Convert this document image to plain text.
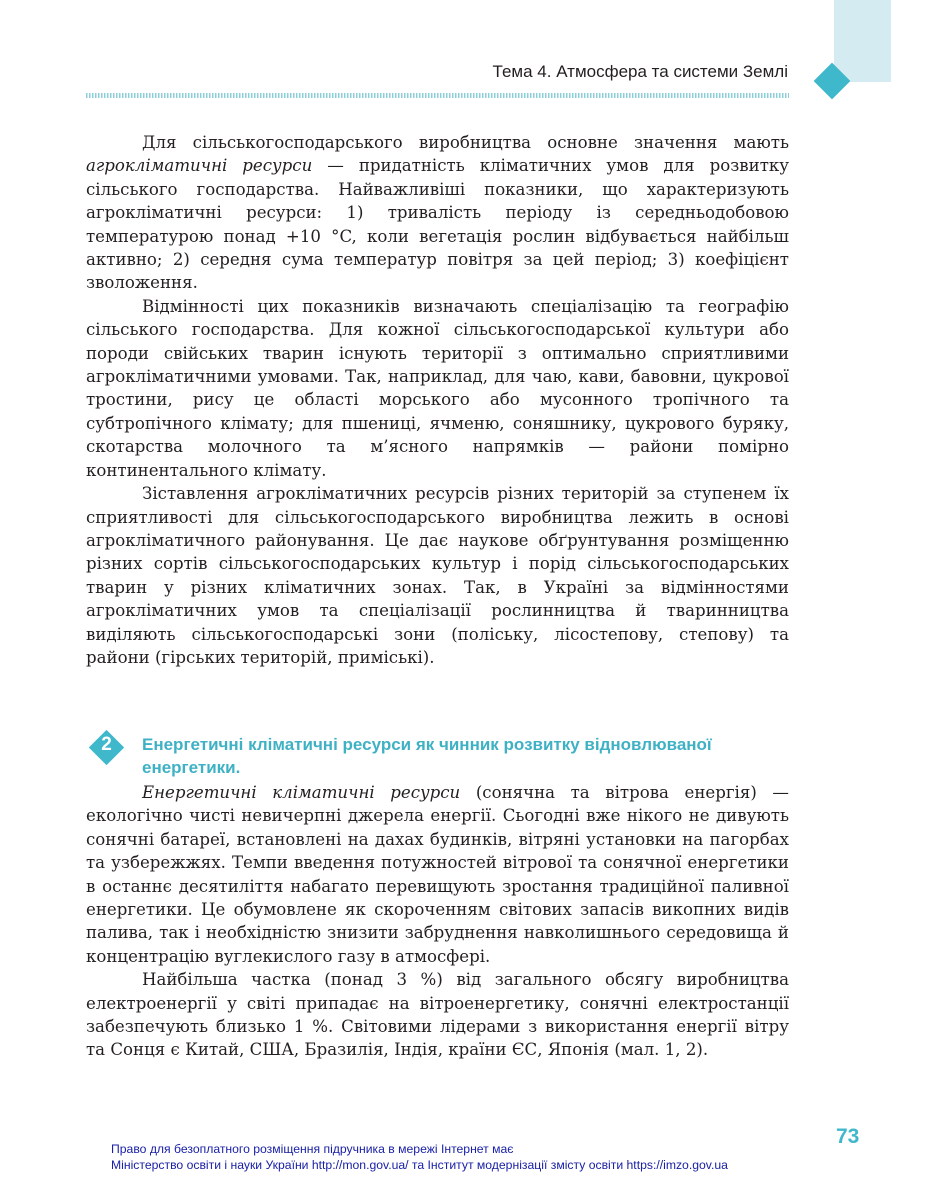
Тема 4. Атмосфера та системи Землі

Для сільськогосподарського виробництва основне значення мають агрокліматичні ресурси — придатність кліматичних умов для розвитку сільського господарства. Найважливіші показники, що характеризують агрокліматичні ресурси: 1) тривалість періоду із середньодобовою температурою понад +10 °C, коли вегетація рослин відбувається найбільш активно; 2) середня сума температур повітря за цей період; 3) коефіцієнт зволоження.

Відмінності цих показників визначають спеціалізацію та географію сільського господарства. Для кожної сільськогосподарської культури або породи свійських тварин існують території з оптимально сприятливими агрокліматичними умовами. Так, наприклад, для чаю, кави, бавовни, цукрової тростини, рису це області морського або мусонного тропічного та субтропічного клімату; для пшениці, ячменю, соняшнику, цукрового буряку, скотарства молочного та м’ясного напрямків — райони помірно континентального клімату.

Зіставлення агрокліматичних ресурсів різних територій за ступенем їх сприятливості для сільськогосподарського виробництва лежить в основі агрокліматичного районування. Це дає наукове обґрунтування розміщенню різних сортів сільськогосподарських культур і порід сільськогосподарських тварин у різних кліматичних зонах. Так, в Україні за відмінностями агрокліматичних умов та спеціалізації рослинництва й тваринництва виділяють сільськогосподарські зони (поліську, лісостепову, степову) та райони (гірських територій, приміські).

2	Енергетичні кліматичні ресурси як чинник розвитку відновлюваної енергетики.

Енергетичні кліматичні ресурси (сонячна та вітрова енергія) — екологічно чисті невичерпні джерела енергії. Сьогодні вже нікого не дивують сонячні батареї, встановлені на дахах будинків, вітряні установки на пагорбах та узбережжях. Темпи введення потужностей вітрової та сонячної енергетики в останнє десятиліття набагато перевищують зростання традиційної паливної енергетики. Це обумовлене як скороченням світових запасів викопних видів палива, так і необхідністю знизити забруднення навколишнього середовища й концентрацію вуглекислого газу в атмосфері.

Найбільша частка (понад 3 %) від загального обсягу виробництва електроенергії у світі припадає на вітроенергетику, сонячні електростанції забезпечують близько 1 %. Світовими лідерами з використання енергії вітру та Сонця є Китай, США, Бразилія, Індія, країни ЄС, Японія (мал. 1, 2).

73
Право для безоплатного розміщення підручника в мережі Інтернет має
Міністерство освіти і науки України http://mon.gov.ua/ та Інститут модернізації змісту освіти https://imzo.gov.ua
